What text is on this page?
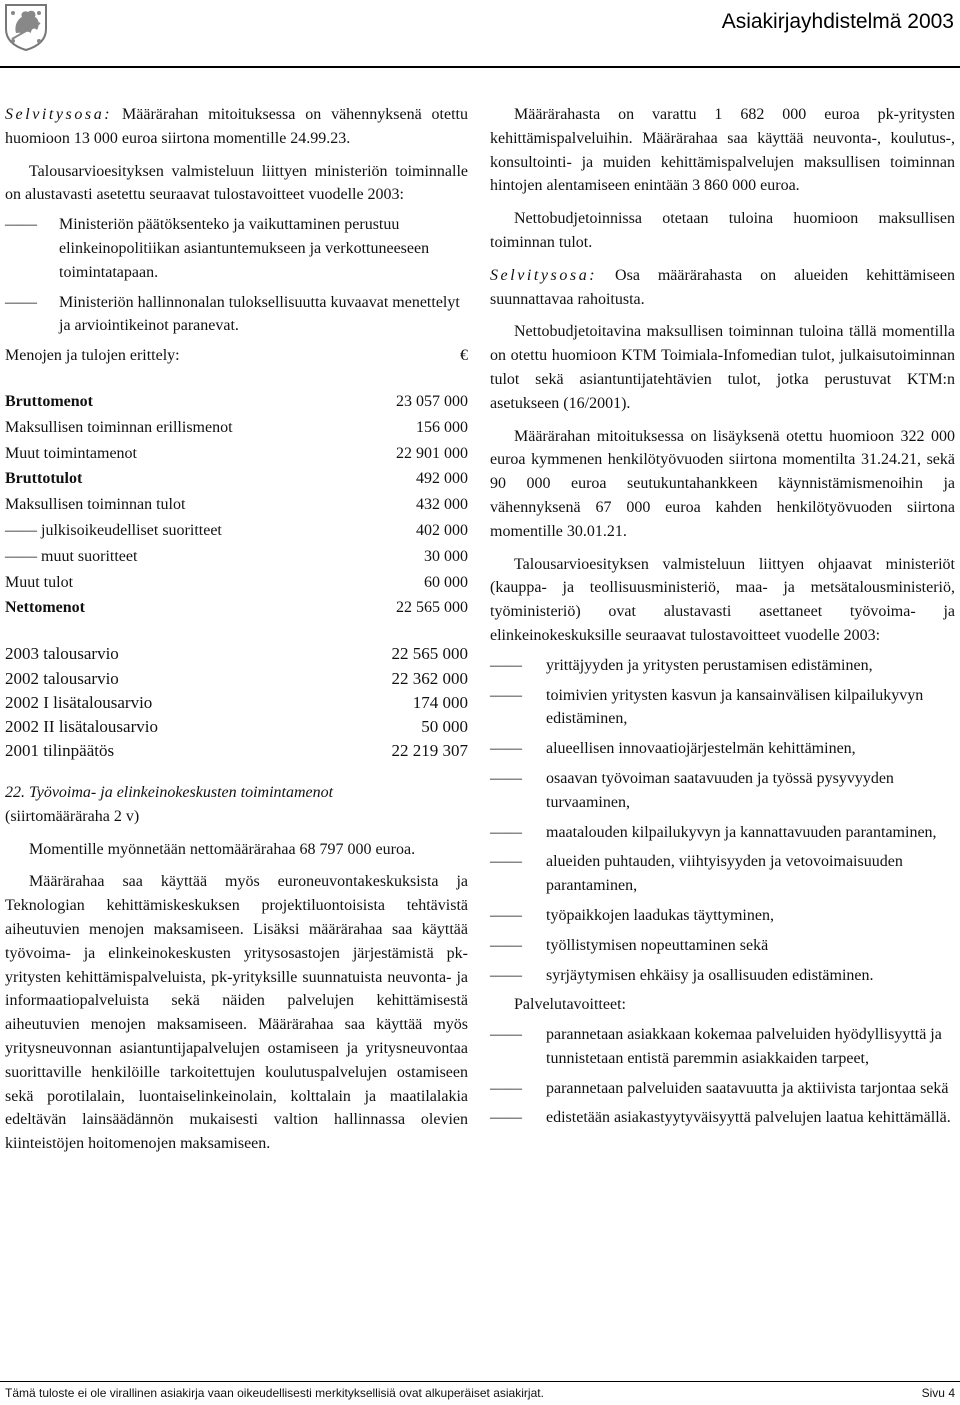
Asiakirjayhdistelmä 2003

Selvitysosa: Määrärahan mitoituksessa on vähennyksenä otettu huomioon 13 000 euroa siirtona momentille 24.99.23.

Talousarvioesityksen valmisteluun liittyen ministeriön toiminnalle on alustavasti asetettu seuraavat tulostavoitteet vuodelle 2003:

—— Ministeriön päätöksenteko ja vaikuttaminen perustuu elinkeinopolitiikan asiantuntemukseen ja verkottuneeseen toimintatapaan.

—— Ministeriön hallinnonalan tuloksellisuutta kuvaavat menettelyt ja arviointikeinot paranevat.

Menojen ja tulojen erittely:	€
Bruttomenot	23 057 000
Maksullisen toiminnan erillismenot	156 000
Muut toimintamenot	22 901 000
Bruttotulot	492 000
Maksullisen toiminnan tulot	432 000
—— julkisoikeudelliset suoritteet	402 000
—— muut suoritteet	30 000
Muut tulot	60 000
Nettomenot	22 565 000
2003 talousarvio	22 565 000
2002 talousarvio	22 362 000
2002 I lisätalousarvio	174 000
2002 II lisätalousarvio	50 000
2001 tilinpäätös	22 219 307

22. Työvoima- ja elinkeinokeskusten toimintamenot

(siirtomääräraha 2 v)

Momentille myönnetään nettomäärärahaa 68 797 000 euroa.

Määrärahaa saa käyttää myös euroneuvontakeskuksista ja Teknologian kehittämiskeskuksen projektiluontoisista tehtävistä aiheutuvien menojen maksamiseen. Lisäksi määrärahaa saa käyttää työvoima- ja elinkeinokeskusten yritysosastojen järjestämistä pk-yritysten kehittämispalveluista, pk-yrityksille suunnatuista neuvonta- ja informaatiopalveluista sekä näiden palvelujen kehittämisestä aiheutuvien menojen maksamiseen. Määrärahaa saa käyttää myös yritysneuvonnan asiantuntijapalvelujen ostamiseen ja yritysneuvontaa suorittaville henkilöille tarkoitettujen koulutuspalvelujen ostamiseen sekä porotilalain, luontaiselinkeinolain, kolttalain ja maatilalakia edeltävän lainsäädännön mukaisesti valtion hallinnassa olevien kiinteistöjen hoitomenojen maksamiseen.

Määrärahasta on varattu 1 682 000 euroa pk-yritysten kehittämispalveluihin. Määrärahaa saa käyttää neuvonta-, koulutus-, konsultointi- ja muiden kehittämispalvelujen maksullisen toiminnan hintojen alentamiseen enintään 3 860 000 euroa.

Nettobudjetoinnissa otetaan tuloina huomioon maksullisen toiminnan tulot.

Selvitysosa: Osa määrärahasta on alueiden kehittämiseen suunnattavaa rahoitusta.

Nettobudjetoitavina maksullisen toiminnan tuloina tällä momentilla on otettu huomioon KTM Toimiala-Infomedian tulot, julkaisutoiminnan tulot sekä asiantuntijatehtävien tulot, jotka perustuvat KTM:n asetukseen (16/2001).

Määrärahan mitoituksessa on lisäyksenä otettu huomioon 322 000 euroa kymmenen henkilötyövuoden siirtona momentilta 31.24.21, sekä 90 000 euroa seutukuntahankkeen käynnistämismenoihin ja vähennyksenä 67 000 euroa kahden henkilötyövuoden siirtona momentille 30.01.21.

Talousarvioesityksen valmisteluun liittyen ohjaavat ministeriöt (kauppa- ja teollisuusministeriö, maa- ja metsätalousministeriö, työministeriö) ovat alustavasti asettaneet työvoima- ja elinkeinokeskuksille seuraavat tulostavoitteet vuodelle 2003:

—— yrittäjyyden ja yritysten perustamisen edistäminen,

—— toimivien yritysten kasvun ja kansainvälisen kilpailukyvyn edistäminen,

—— alueellisen innovaatiojärjestelmän kehittäminen,

—— osaavan työvoiman saatavuuden ja työssä pysyvyyden turvaaminen,

—— maatalouden kilpailukyvyn ja kannattavuuden parantaminen,

—— alueiden puhtauden, viihtyisyyden ja vetovoimaisuuden parantaminen,

—— työpaikkojen laadukas täyttyminen,

—— työllistymisen nopeuttaminen sekä

—— syrjäytymisen ehkäisy ja osallisuuden edistäminen.

Palvelutavoitteet:

—— parannetaan asiakkaan kokemaa palveluiden hyödyllisyyttä ja tunnistetaan entistä paremmin asiakkaiden tarpeet,

—— parannetaan palveluiden saatavuutta ja aktiivista tarjontaa sekä

—— edistetään asiakastyytyväisyyttä palvelujen laatua kehittämällä.

Tämä tuloste ei ole virallinen asiakirja vaan oikeudellisesti merkityksellisiä ovat alkuperäiset asiakirjat.	Sivu 4
